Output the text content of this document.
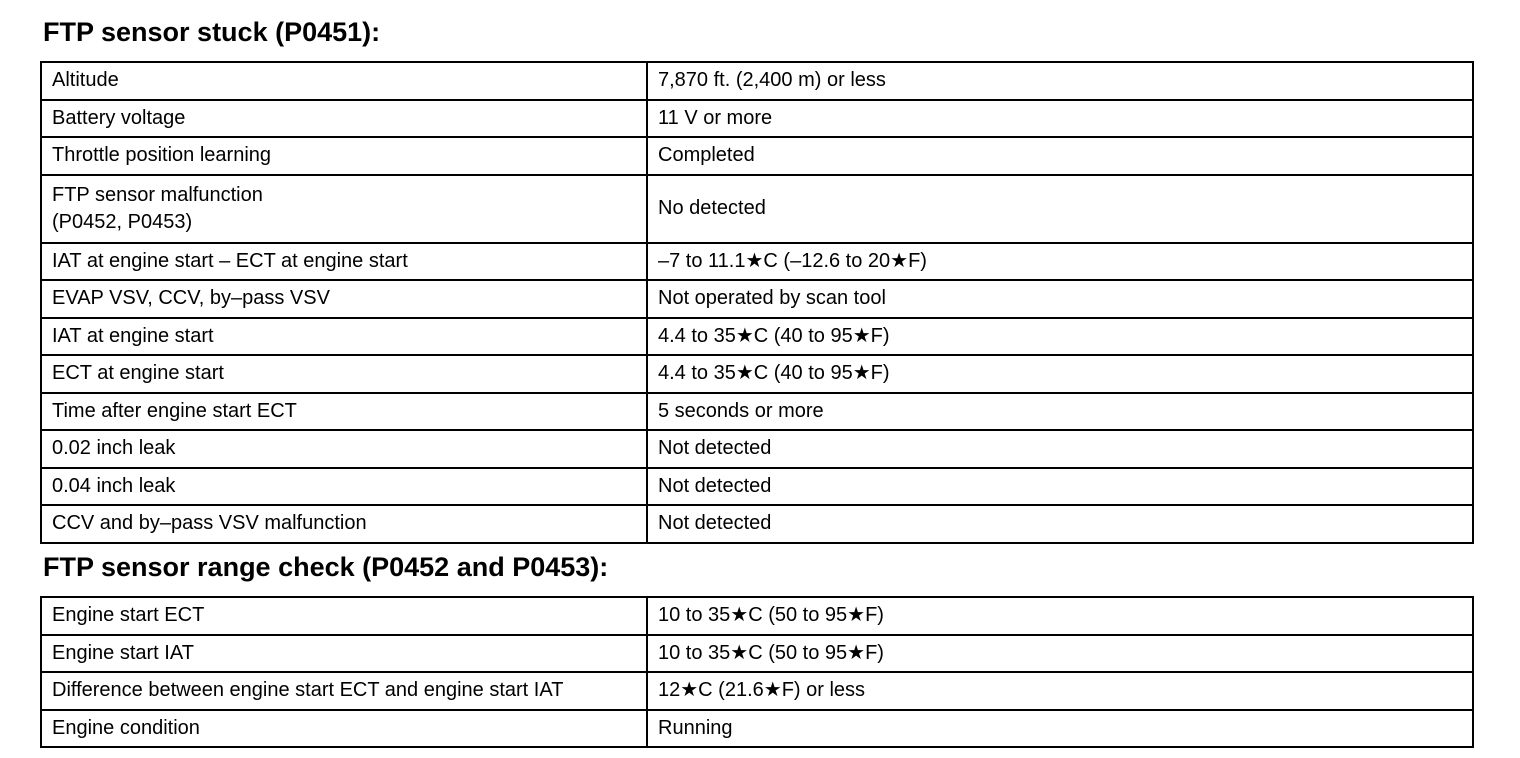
FTP sensor stuck (P0451):
Altitude	7,870 ft. (2,400 m) or less
Battery voltage	11 V or more
Throttle position learning	Completed
FTP sensor malfunction
(P0452, P0453)	No detected
IAT at engine start – ECT at engine start	–7 to 11.1★C (–12.6 to 20★F)
EVAP VSV, CCV, by–pass VSV	Not operated by scan tool
IAT at engine start	4.4 to 35★C (40 to 95★F)
ECT at engine start	4.4 to 35★C (40 to 95★F)
Time after engine start ECT	5 seconds or more
0.02 inch leak	Not detected
0.04 inch leak	Not detected
CCV and by–pass VSV malfunction	Not detected
FTP sensor range check (P0452 and P0453):
Engine start ECT	10 to 35★C (50 to 95★F)
Engine start IAT	10 to 35★C (50 to 95★F)
Difference between engine start ECT and engine start IAT	12★C (21.6★F) or less
Engine condition	Running
